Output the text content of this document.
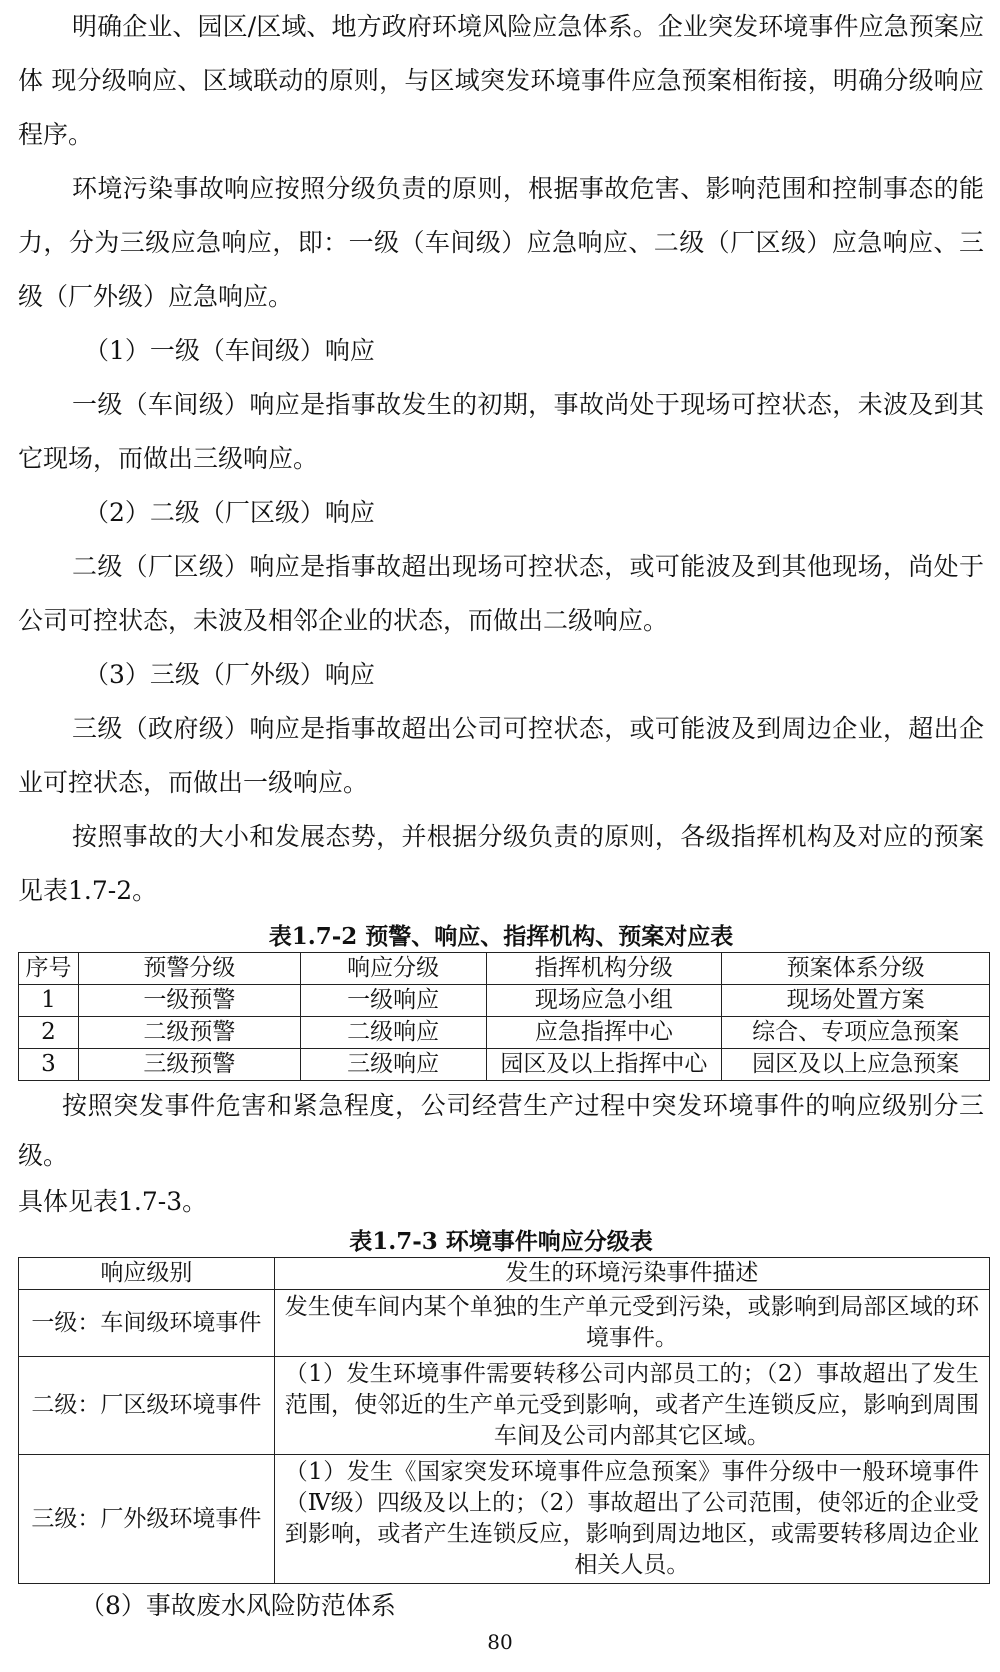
明确企业、园区/区域、地方政府环境风险应急体系。企业突发环境事件应急预案应体 现分级响应、区域联动的原则，与区域突发环境事件应急预案相衔接，明确分级响应程序。

环境污染事故响应按照分级负责的原则，根据事故危害、影响范围和控制事态的能力，分为三级应急响应，即：一级（车间级）应急响应、二级（厂区级）应急响应、三级（厂外级）应急响应。

（1）一级（车间级）响应

一级（车间级）响应是指事故发生的初期，事故尚处于现场可控状态，未波及到其它现场，而做出三级响应。

（2）二级（厂区级）响应

二级（厂区级）响应是指事故超出现场可控状态，或可能波及到其他现场，尚处于公司可控状态，未波及相邻企业的状态，而做出二级响应。

（3）三级（厂外级）响应

三级（政府级）响应是指事故超出公司可控状态，或可能波及到周边企业，超出企业可控状态，而做出一级响应。

按照事故的大小和发展态势，并根据分级负责的原则，各级指挥机构及对应的预案见表1.7-2。

表1.7-2 预警、响应、指挥机构、预案对应表

序号	预警分级	响应分级	指挥机构分级	预案体系分级
1	一级预警	一级响应	现场应急小组	现场处置方案
2	二级预警	二级响应	应急指挥中心	综合、专项应急预案
3	三级预警	三级响应	园区及以上指挥中心	园区及以上应急预案

按照突发事件危害和紧急程度，公司经营生产过程中突发环境事件的响应级别分三级。

具体见表1.7-3。

表1.7-3 环境事件响应分级表

响应级别	发生的环境污染事件描述
一级：车间级环境事件	发生使车间内某个单独的生产单元受到污染，或影响到局部区域的环境事件。
二级：厂区级环境事件	（1）发生环境事件需要转移公司内部员工的；（2）事故超出了发生范围，使邻近的生产单元受到影响，或者产生连锁反应，影响到周围车间及公司内部其它区域。
三级：厂外级环境事件	（1）发生《国家突发环境事件应急预案》事件分级中一般环境事件（Ⅳ级）四级及以上的；（2）事故超出了公司范围，使邻近的企业受到影响，或者产生连锁反应，影响到周边地区，或需要转移周边企业相关人员。

（8）事故废水风险防范体系

80
